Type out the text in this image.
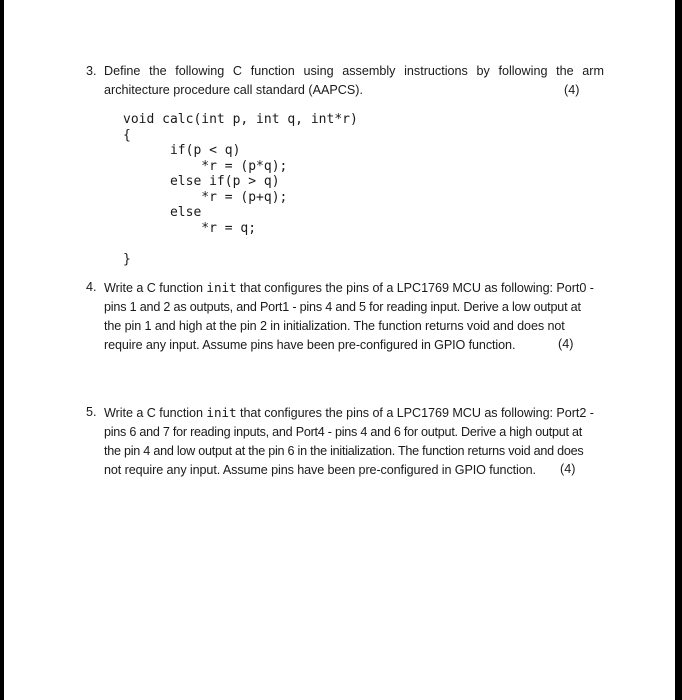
3. Define the following C function using assembly instructions by following the arm
architecture procedure call standard (AAPCS).	(4)
void calc(int p, int q, int*r)
{
if(p < q)
*r = (p*q);
else if(p > q)
*r = (p+q);
else
*r = q;

}
4. Write a C function init that configures the pins of a LPC1769 MCU as following: Port0 -
pins 1 and 2 as outputs, and Port1 - pins 4 and 5 for reading input. Derive a low output at
the pin 1 and high at the pin 2 in initialization. The function returns void and does not
require any input. Assume pins have been pre-configured in GPIO function.	(4)
5. Write a C function init that configures the pins of a LPC1769 MCU as following: Port2 -
pins 6 and 7 for reading inputs, and Port4 - pins 4 and 6 for output. Derive a high output at
the pin 4 and low output at the pin 6 in the initialization. The function returns void and does
not require any input. Assume pins have been pre-configured in GPIO function.	(4)
